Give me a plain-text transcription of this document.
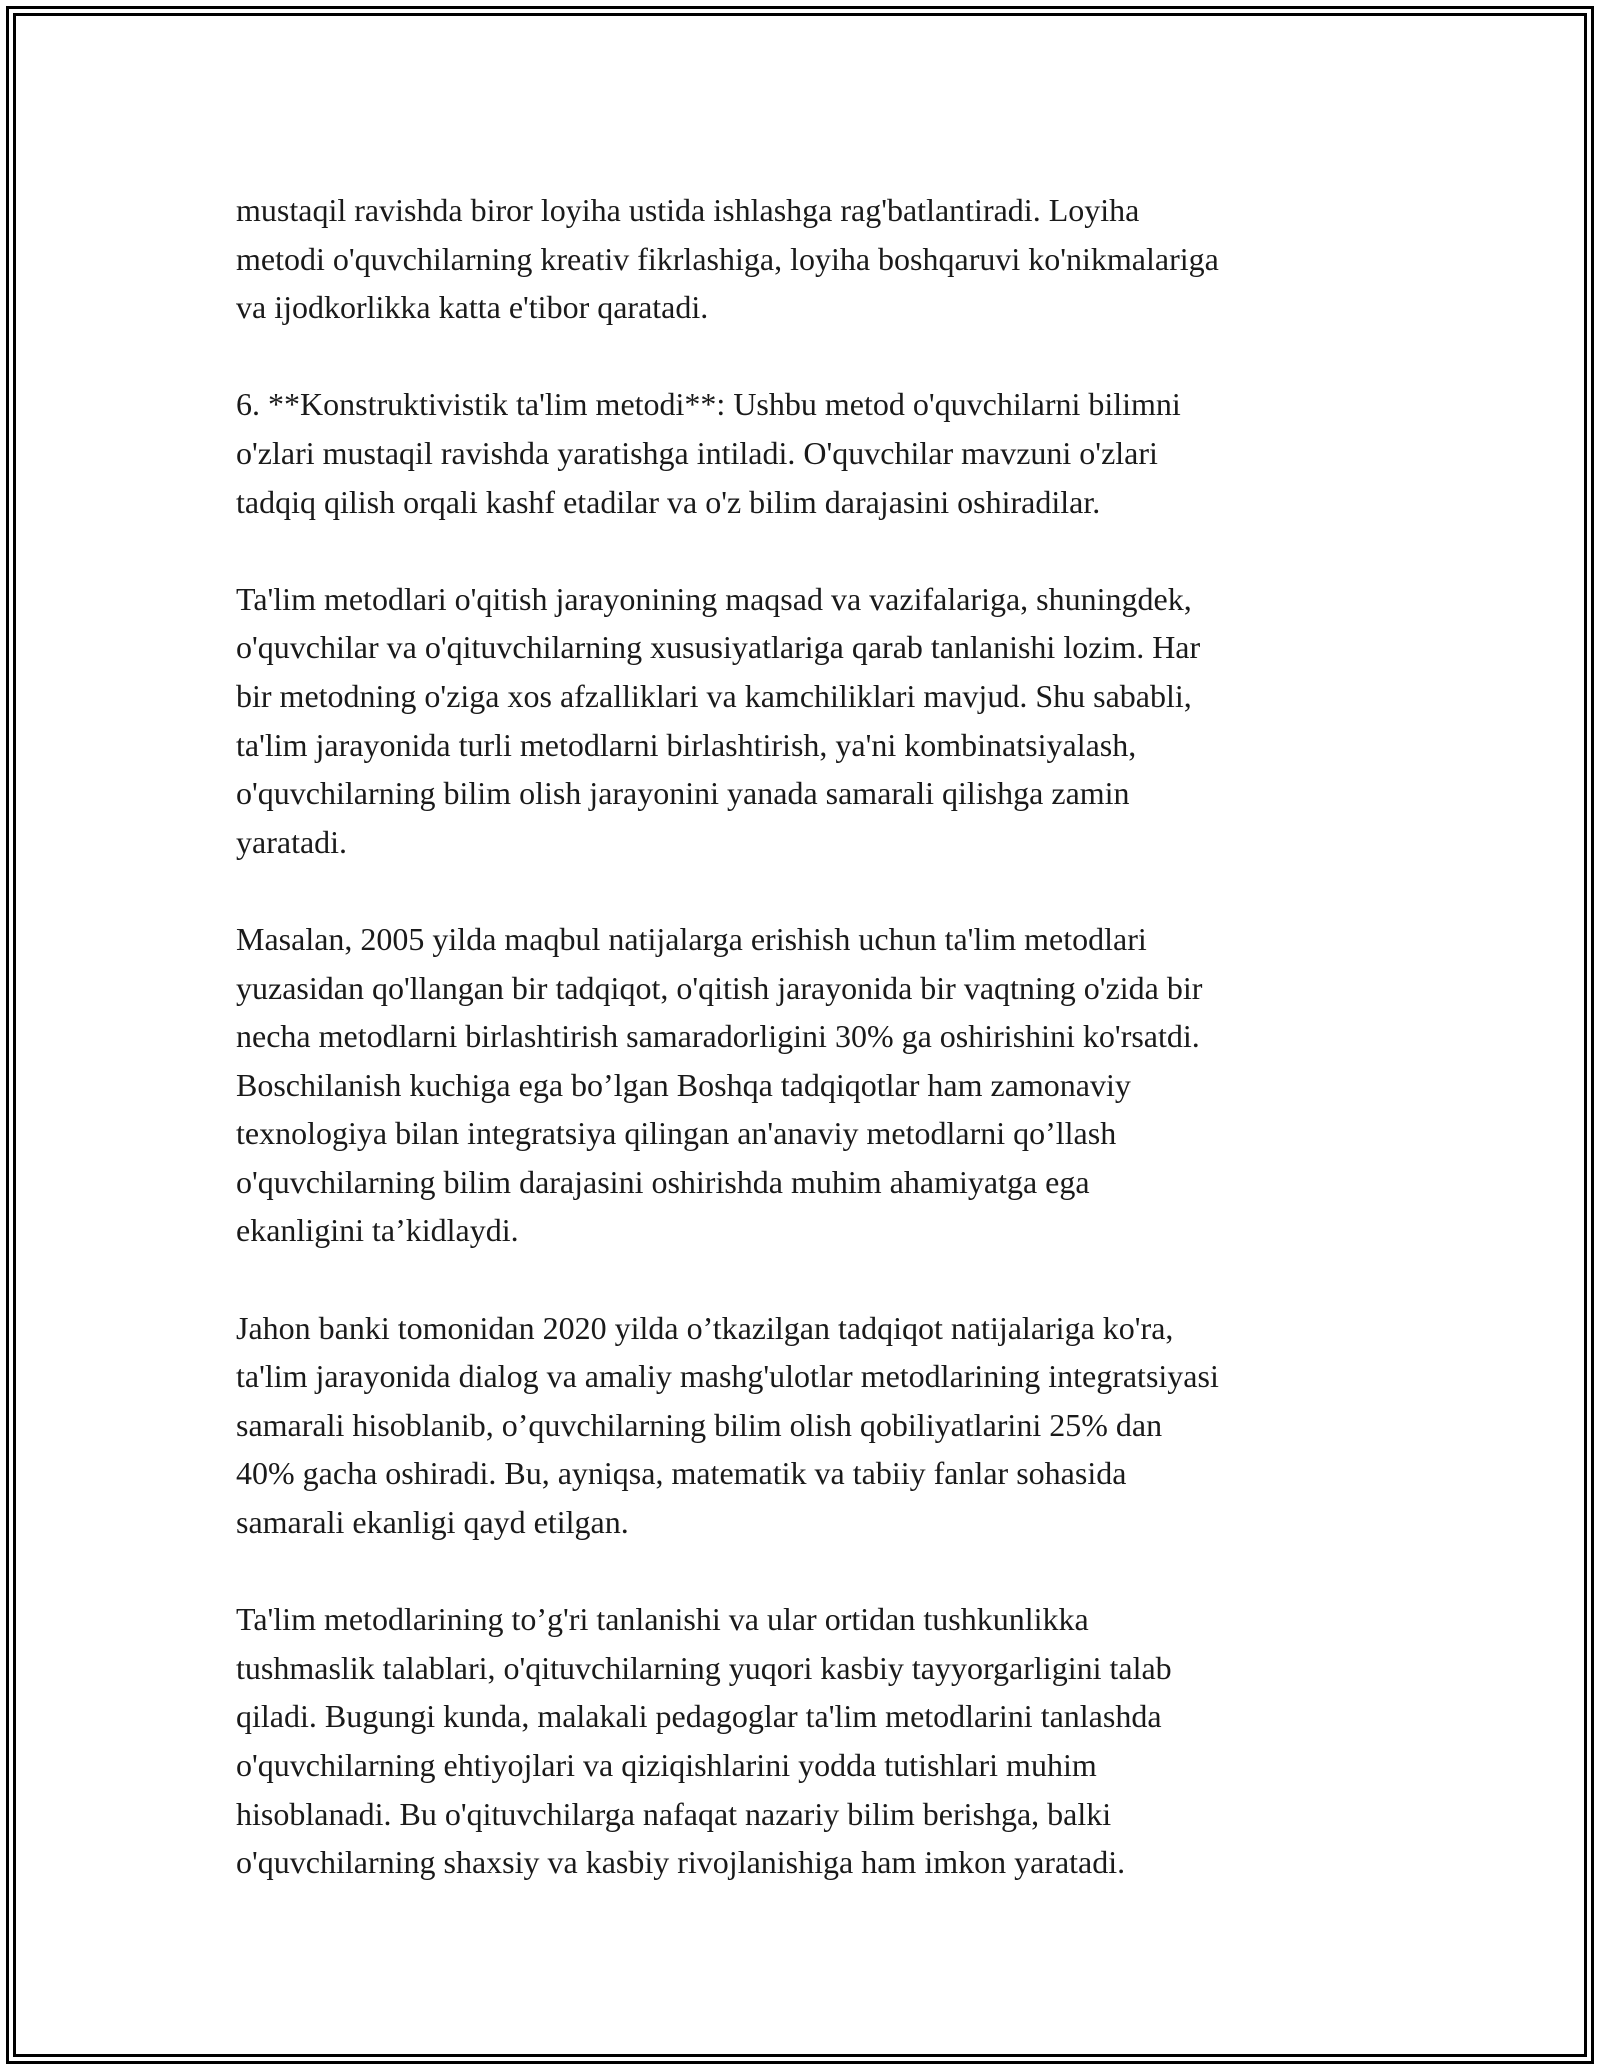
mustaqil ravishda biror loyiha ustida ishlashga rag'batlantiradi. Loyiha
metodi o'quvchilarning kreativ fikrlashiga, loyiha boshqaruvi ko'nikmalariga
va ijodkorlikka katta e'tibor qaratadi.

6. **Konstruktivistik ta'lim metodi**: Ushbu metod o'quvchilarni bilimni
o'zlari mustaqil ravishda yaratishga intiladi. O'quvchilar mavzuni o'zlari
tadqiq qilish orqali kashf etadilar va o'z bilim darajasini oshiradilar.

Ta'lim metodlari o'qitish jarayonining maqsad va vazifalariga, shuningdek,
o'quvchilar va o'qituvchilarning xususiyatlariga qarab tanlanishi lozim. Har
bir metodning o'ziga xos afzalliklari va kamchiliklari mavjud. Shu sababli,
ta'lim jarayonida turli metodlarni birlashtirish, ya'ni kombinatsiyalash,
o'quvchilarning bilim olish jarayonini yanada samarali qilishga zamin
yaratadi.

Masalan, 2005 yilda maqbul natijalarga erishish uchun ta'lim metodlari
yuzasidan qo'llangan bir tadqiqot, o'qitish jarayonida bir vaqtning o'zida bir
necha metodlarni birlashtirish samaradorligini 30% ga oshirishini ko'rsatdi.
Boschilanish kuchiga ega bo’lgan Boshqa tadqiqotlar ham zamonaviy
texnologiya bilan integratsiya qilingan an'anaviy metodlarni qo’llash
o'quvchilarning bilim darajasini oshirishda muhim ahamiyatga ega
ekanligini ta’kidlaydi.

Jahon banki tomonidan 2020 yilda o’tkazilgan tadqiqot natijalariga ko'ra,
ta'lim jarayonida dialog va amaliy mashg'ulotlar metodlarining integratsiyasi
samarali hisoblanib, o’quvchilarning bilim olish qobiliyatlarini 25% dan
40% gacha oshiradi. Bu, ayniqsa, matematik va tabiiy fanlar sohasida
samarali ekanligi qayd etilgan.

Ta'lim metodlarining to’g'ri tanlanishi va ular ortidan tushkunlikka
tushmaslik talablari, o'qituvchilarning yuqori kasbiy tayyorgarligini talab
qiladi. Bugungi kunda, malakali pedagoglar ta'lim metodlarini tanlashda
o'quvchilarning ehtiyojlari va qiziqishlarini yodda tutishlari muhim
hisoblanadi. Bu o'qituvchilarga nafaqat nazariy bilim berishga, balki
o'quvchilarning shaxsiy va kasbiy rivojlanishiga ham imkon yaratadi.
